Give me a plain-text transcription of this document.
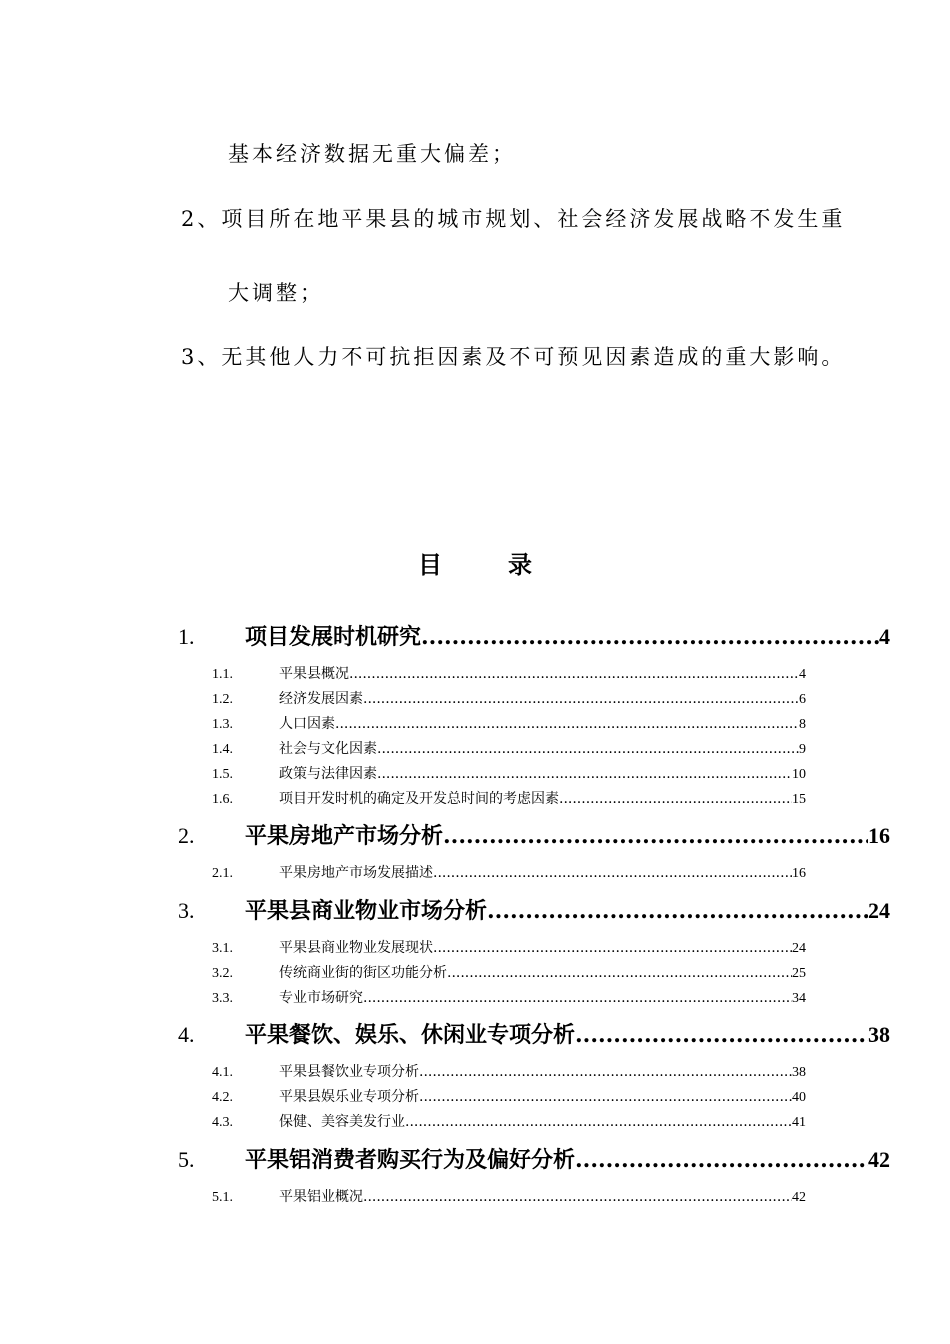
基本经济数据无重大偏差；
2、项目所在地平果县的城市规划、社会经济发展战略不发生重
大调整；
3、无其他人力不可抗拒因素及不可预见因素造成的重大影响。
目	录
1.	项目发展时机研究 .....	4
1.1.	平果县概况 .....	4
1.2.	经济发展因素 .....	6
1.3.	人口因素 .....	8
1.4.	社会与文化因素 .....	9
1.5.	政策与法律因素 .....	10
1.6.	项目开发时机的确定及开发总时间的考虑因素 .....	15
2.	平果房地产市场分析 .....	16
2.1.	平果房地产市场发展描述 .....	16
3.	平果县商业物业市场分析 .....	24
3.1.	平果县商业物业发展现状 .....	24
3.2.	传统商业街的街区功能分析 .....	25
3.3.	专业市场研究 .....	34
4.	平果餐饮、娱乐、休闲业专项分析 .....	38
4.1.	平果县餐饮业专项分析 .....	38
4.2.	平果县娱乐业专项分析 .....	40
4.3.	保健、美容美发行业 .....	41
5.	平果铝消费者购买行为及偏好分析 .....	42
5.1.	平果铝业概况 .....	42
